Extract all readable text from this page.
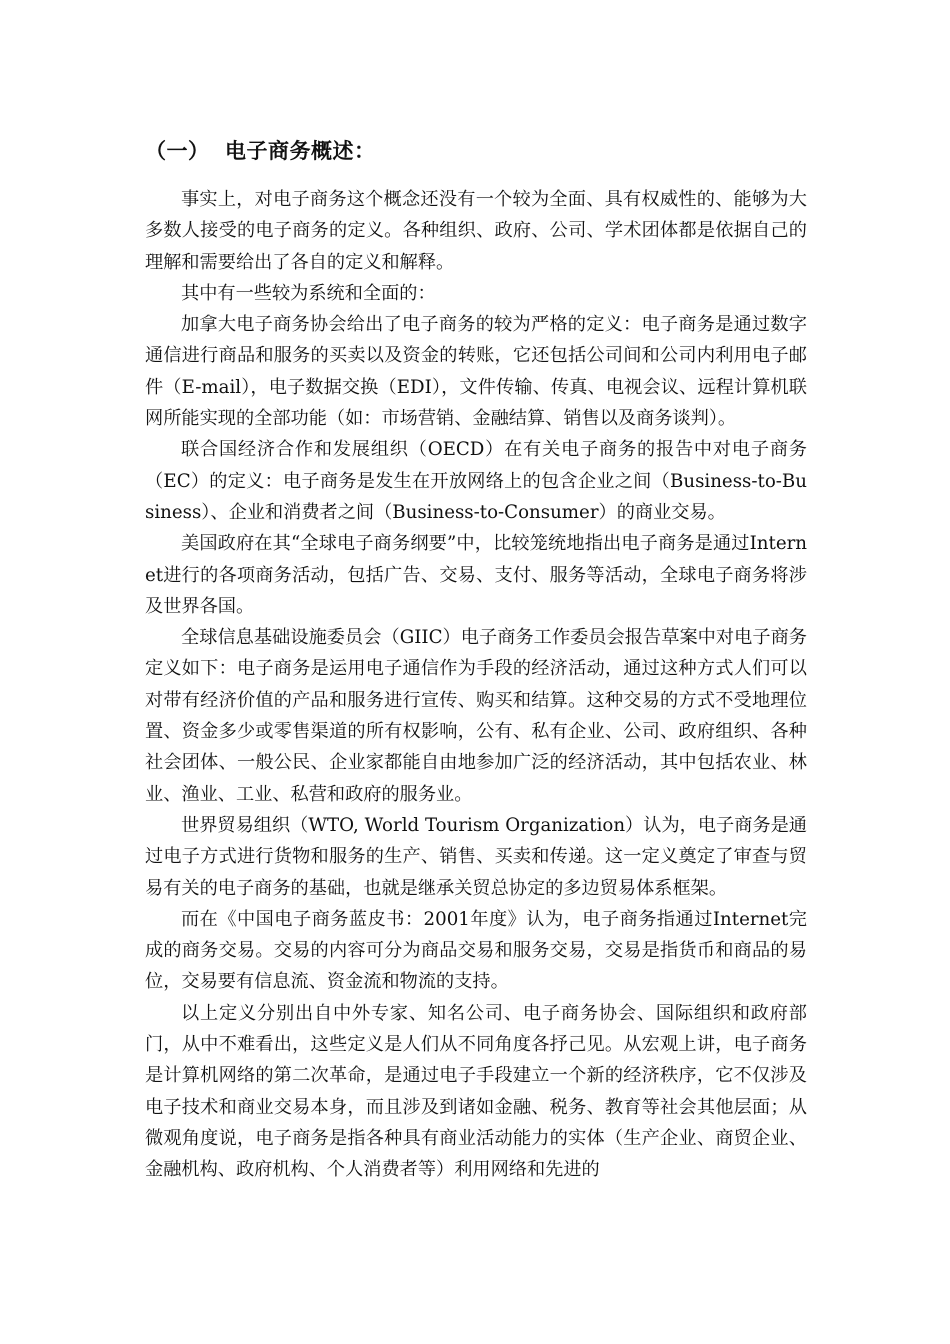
（一） 电子商务概述：

事实上，对电子商务这个概念还没有一个较为全面、具有权威性的、能够为大多数人接受的电子商务的定义。各种组织、政府、公司、学术团体都是依据自己的理解和需要给出了各自的定义和解释。

其中有一些较为系统和全面的：

加拿大电子商务协会给出了电子商务的较为严格的定义：电子商务是通过数字通信进行商品和服务的买卖以及资金的转账，它还包括公司间和公司内利用电子邮件（E-mail），电子数据交换（EDI），文件传输、传真、电视会议、远程计算机联网所能实现的全部功能（如：市场营销、金融结算、销售以及商务谈判）。

联合国经济合作和发展组织（OECD）在有关电子商务的报告中对电子商务（EC）的定义：电子商务是发生在开放网络上的包含企业之间（Business-to-Business）、企业和消费者之间（Business-to-Consumer）的商业交易。

美国政府在其“全球电子商务纲要”中，比较笼统地指出电子商务是通过Internet进行的各项商务活动，包括广告、交易、支付、服务等活动，全球电子商务将涉及世界各国。

全球信息基础设施委员会（GIIC）电子商务工作委员会报告草案中对电子商务定义如下：电子商务是运用电子通信作为手段的经济活动，通过这种方式人们可以对带有经济价值的产品和服务进行宣传、购买和结算。这种交易的方式不受地理位置、资金多少或零售渠道的所有权影响，公有、私有企业、公司、政府组织、各种社会团体、一般公民、企业家都能自由地参加广泛的经济活动，其中包括农业、林业、渔业、工业、私营和政府的服务业。

世界贸易组织（WTO, World Tourism Organization）认为，电子商务是通过电子方式进行货物和服务的生产、销售、买卖和传递。这一定义奠定了审查与贸易有关的电子商务的基础，也就是继承关贸总协定的多边贸易体系框架。

而在《中国电子商务蓝皮书：2001年度》认为，电子商务指通过Internet完成的商务交易。交易的内容可分为商品交易和服务交易，交易是指货币和商品的易位，交易要有信息流、资金流和物流的支持。

以上定义分别出自中外专家、知名公司、电子商务协会、国际组织和政府部门，从中不难看出，这些定义是人们从不同角度各抒己见。从宏观上讲，电子商务是计算机网络的第二次革命，是通过电子手段建立一个新的经济秩序，它不仅涉及电子技术和商业交易本身，而且涉及到诸如金融、税务、教育等社会其他层面；从微观角度说，电子商务是指各种具有商业活动能力的实体（生产企业、商贸企业、金融机构、政府机构、个人消费者等）利用网络和先进的
